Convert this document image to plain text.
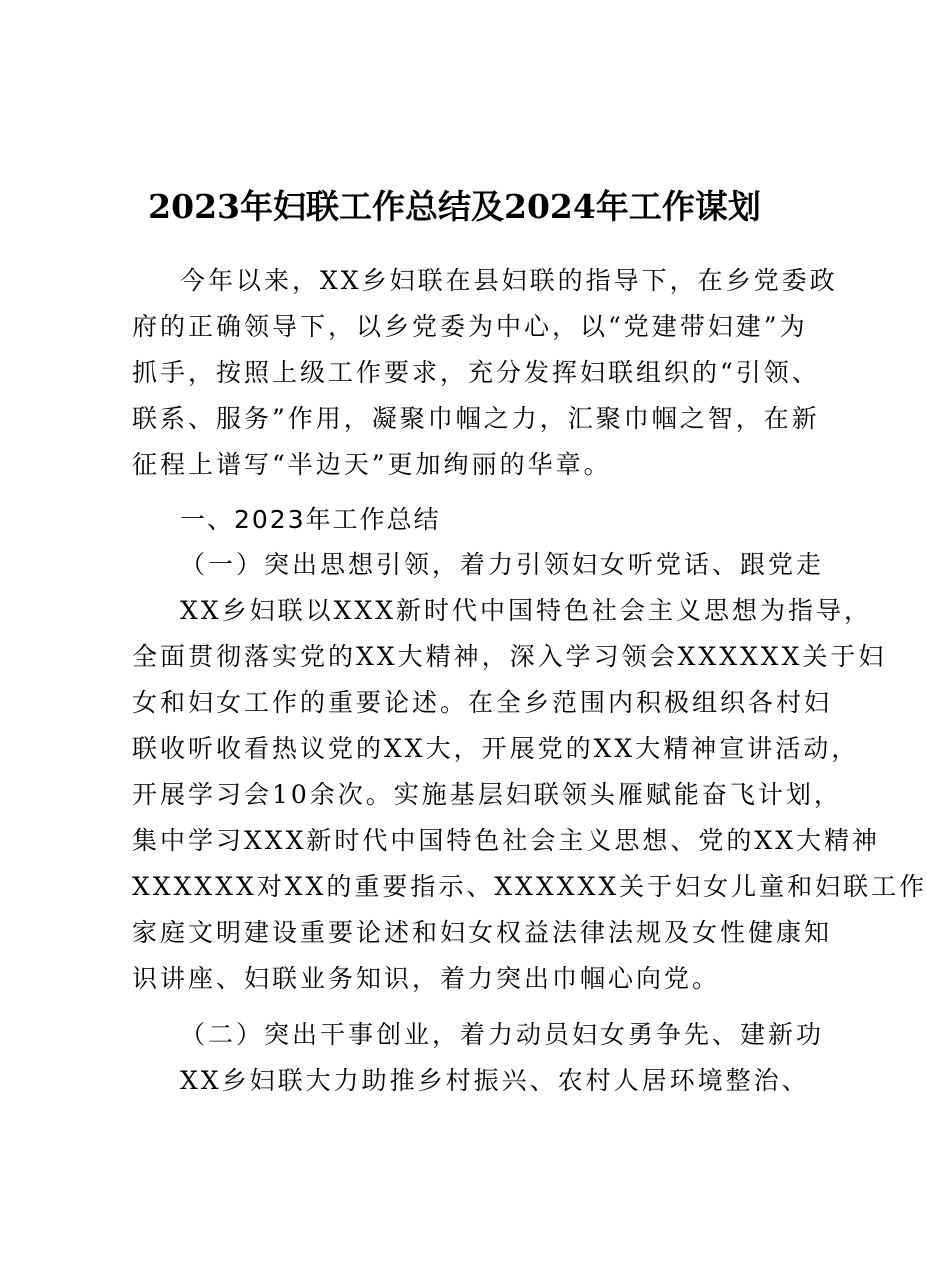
2023年妇联工作总结及2024年工作谋划
今年以来，XX乡妇联在县妇联的指导下，在乡党委政
府的正确领导下，以乡党委为中心，以“党建带妇建”为
抓手，按照上级工作要求，充分发挥妇联组织的“引领、
联系、服务”作用，凝聚巾帼之力，汇聚巾帼之智，在新
征程上谱写“半边天”更加绚丽的华章。
一、2023年工作总结
（一）突出思想引领，着力引领妇女听党话、跟党走
XX乡妇联以XXX新时代中国特色社会主义思想为指导，
全面贯彻落实党的XX大精神，深入学习领会XXXXXX关于妇
女和妇女工作的重要论述。在全乡范围内积极组织各村妇
联收听收看热议党的XX大，开展党的XX大精神宣讲活动，
开展学习会10余次。实施基层妇联领头雁赋能奋飞计划，
集中学习XXX新时代中国特色社会主义思想、党的XX大精神
XXXXXX对XX的重要指示、XXXXXX关于妇女儿童和妇联工作
家庭文明建设重要论述和妇女权益法律法规及女性健康知
识讲座、妇联业务知识，着力突出巾帼心向党。
（二）突出干事创业，着力动员妇女勇争先、建新功
XX乡妇联大力助推乡村振兴、农村人居环境整治、
